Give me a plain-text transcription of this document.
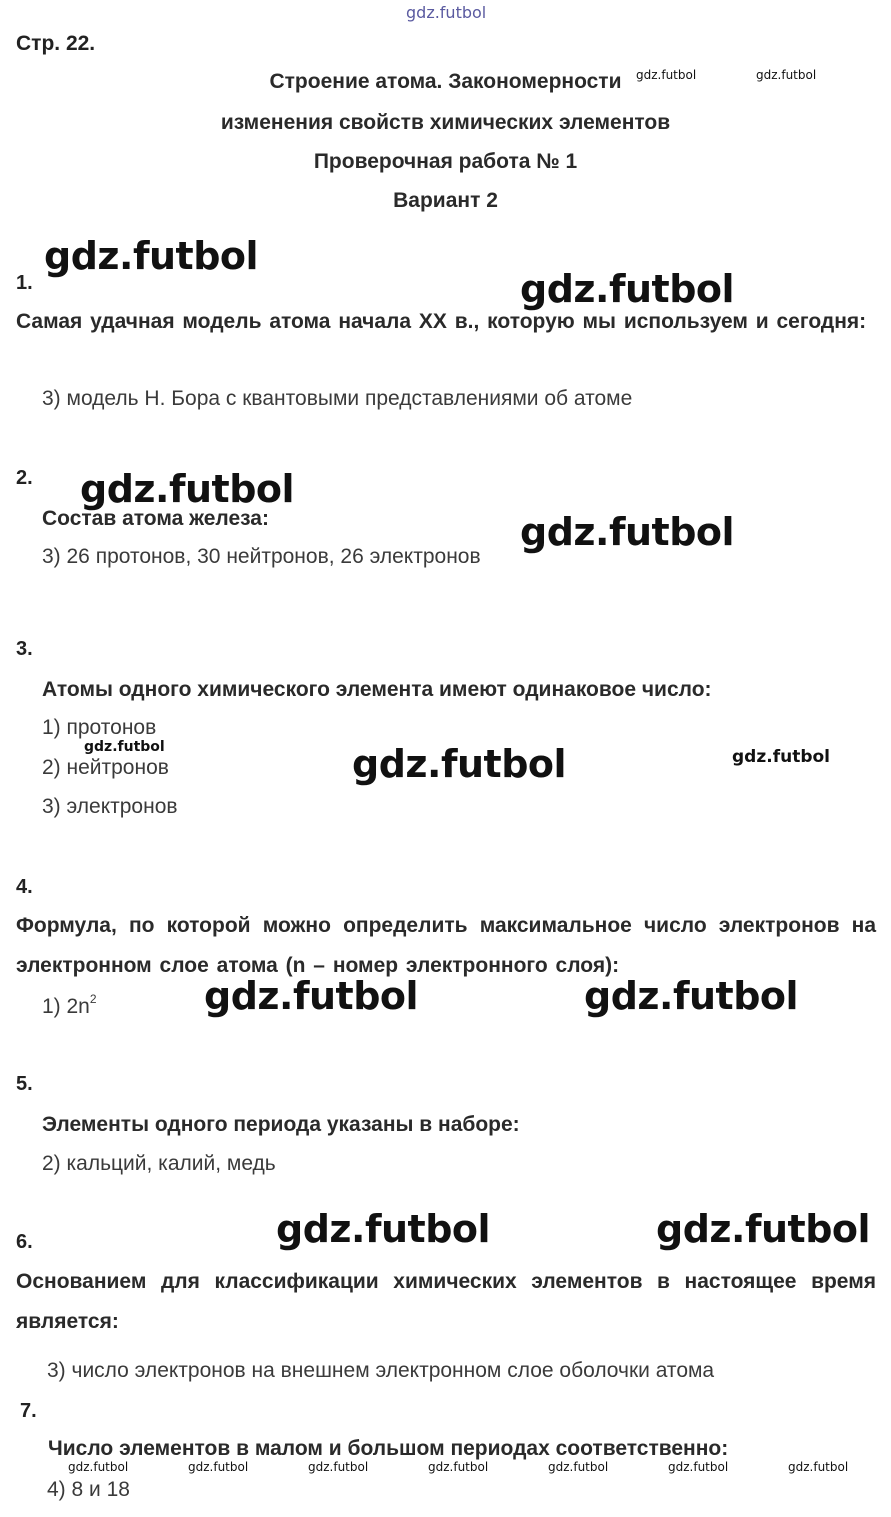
gdz.futbol
Стр. 22.
Строение атома. Закономерности
изменения свойств химических элементов
Проверочная работа № 1
Вариант 2
1.
Самая удачная модель атома начала XX в., которую мы используем и сегодня:
3) модель Н. Бора с квантовыми представлениями об атоме
2.
Состав атома железа:
3) 26 протонов, 30 нейтронов, 26 электронов
3.
Атомы одного химического элемента имеют одинаковое число:
1) протонов
2) нейтронов
3) электронов
4.
Формула, по которой можно определить максимальное число электронов на электронном слое атома (n – номер электронного слоя):
1) $2n^2$
5.
Элементы одного периода указаны в наборе:
2) кальций, калий, медь
6.
Основанием для классификации химических элементов в настоящее время является:
3) число электронов на внешнем электронном слое оболочки атома
7.
Число элементов в малом и большом периодах соответственно:
4) 8 и 18
gdz.futbol	gdz.futbol
gdz.futbol
gdz.futbol
gdz.futbol
gdz.futbol
gdz.futbol	gdz.futbol	gdz.futbol
gdz.futbol	gdz.futbol
gdz.futbol	gdz.futbol
gdz.futbol	gdz.futbol	gdz.futbol	gdz.futbol	gdz.futbol	gdz.futbol	gdz.futbol
